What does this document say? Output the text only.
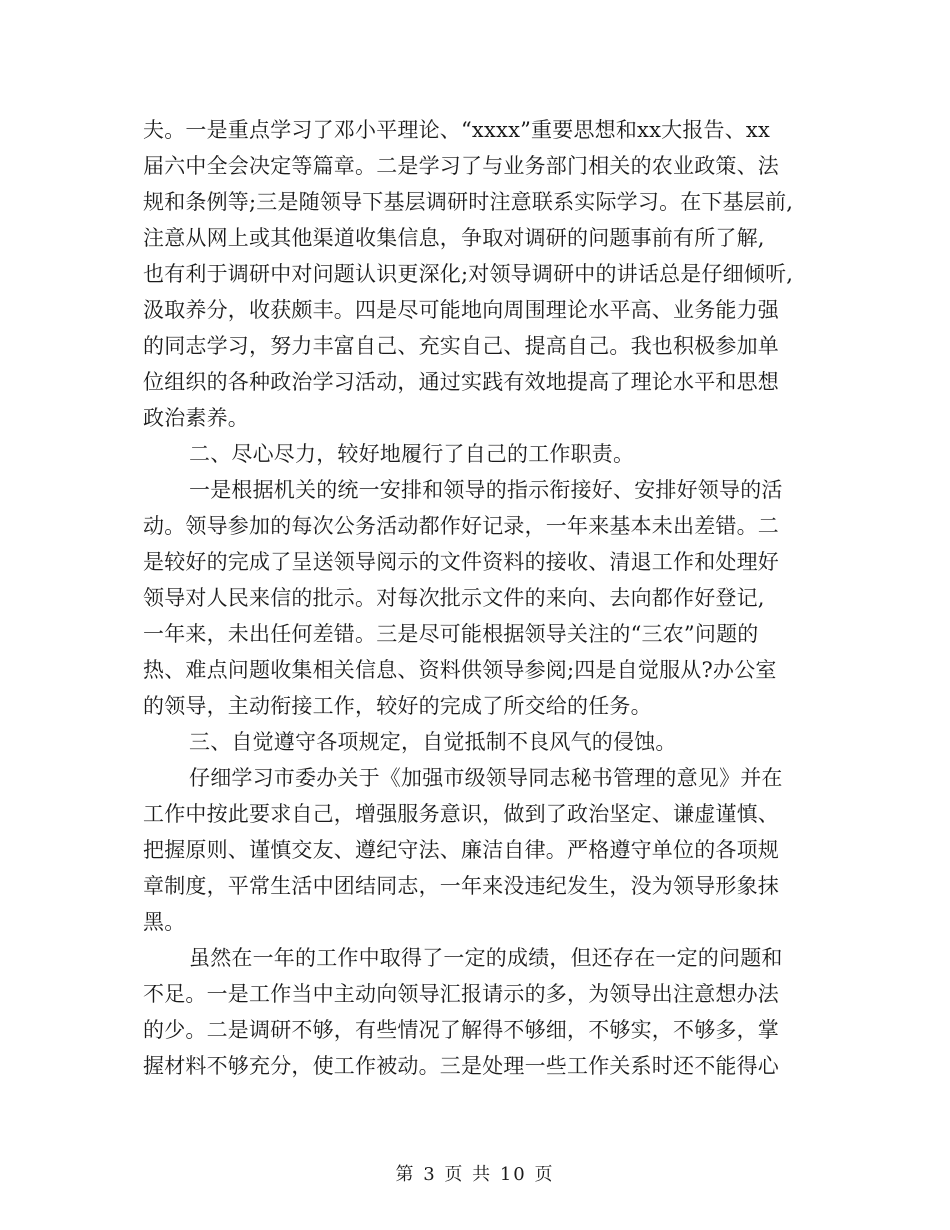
夫。一是重点学习了邓小平理论、“xxxx”重要思想和xx大报告、xx
届六中全会决定等篇章。二是学习了与业务部门相关的农业政策、法
规和条例等;三是随领导下基层调研时注意联系实际学习。在下基层前,
注意从网上或其他渠道收集信息，争取对调研的问题事前有所了解,
也有利于调研中对问题认识更深化;对领导调研中的讲话总是仔细倾听,
汲取养分，收获颇丰。四是尽可能地向周围理论水平高、业务能力强
的同志学习，努力丰富自己、充实自己、提高自己。我也积极参加单
位组织的各种政治学习活动，通过实践有效地提高了理论水平和思想
政治素养。
二、尽心尽力，较好地履行了自己的工作职责。
一是根据机关的统一安排和领导的指示衔接好、安排好领导的活
动。领导参加的每次公务活动都作好记录，一年来基本未出差错。二
是较好的完成了呈送领导阅示的文件资料的接收、清退工作和处理好
领导对人民来信的批示。对每次批示文件的来向、去向都作好登记,
一年来，未出任何差错。三是尽可能根据领导关注的“三农”问题的
热、难点问题收集相关信息、资料供领导参阅;四是自觉服从?办公室
的领导，主动衔接工作，较好的完成了所交给的任务。
三、自觉遵守各项规定，自觉抵制不良风气的侵蚀。
仔细学习市委办关于《加强市级领导同志秘书管理的意见》并在
工作中按此要求自己，增强服务意识，做到了政治坚定、谦虚谨慎、
把握原则、谨慎交友、遵纪守法、廉洁自律。严格遵守单位的各项规
章制度，平常生活中团结同志，一年来没违纪发生，没为领导形象抹
黑。
虽然在一年的工作中取得了一定的成绩，但还存在一定的问题和
不足。一是工作当中主动向领导汇报请示的多，为领导出注意想办法
的少。二是调研不够，有些情况了解得不够细，不够实，不够多，掌
握材料不够充分，使工作被动。三是处理一些工作关系时还不能得心
第 3 页 共 10 页
